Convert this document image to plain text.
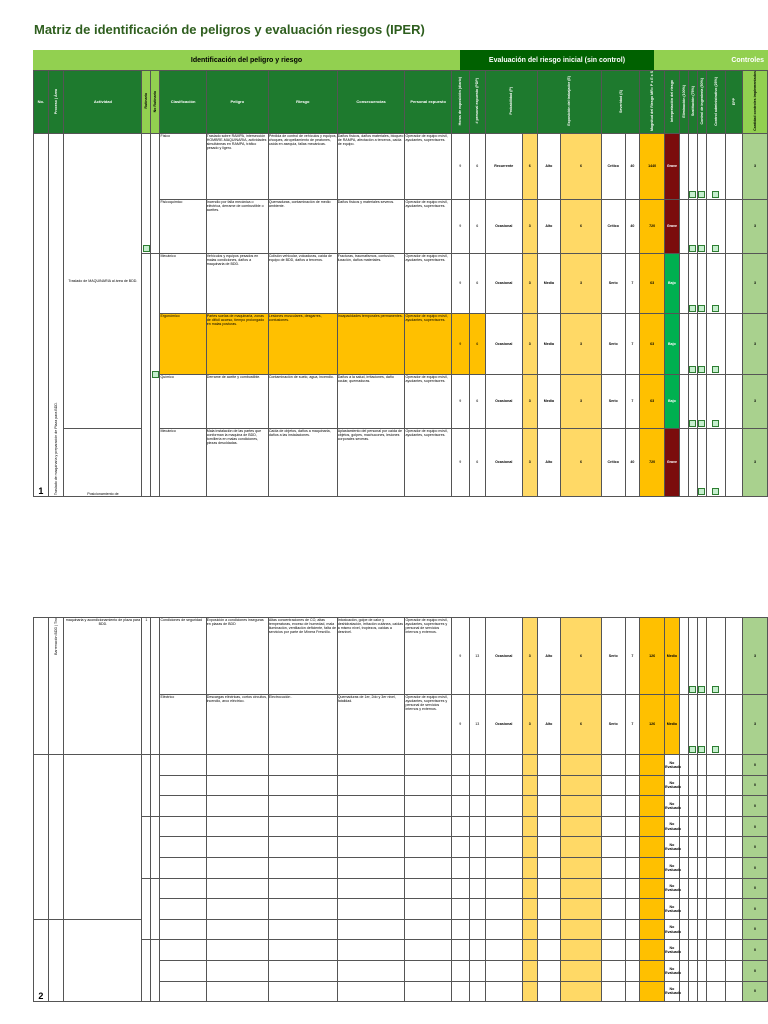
Matriz de identificación de peligros y evaluación riesgos (IPER)
Identificación del peligro y riesgo	Evaluación del riesgo inicial (sin control)	Controles
No.	Proceso | Área	Actividad	Rutinaria	No Rutinaria	Clasificación	Peligro	Riesgo	Consecuencias	Personal expuesto	Horas de exposición (diario)	# personal expuesto (PDP)	Probabilidad (P)		Exposición del trabajador (E)		Severidad (S)		Magnitud del Riesgo MR= P x E x S	Interpretación del riesgo	Eliminación (100%)	Sustitución (75%)	Control de ingeniería (50%)	Control administrativo (25%)	EPP	Cantidad controles implementados
1	Traslado de maquinaria y preparación de Plaza para BDD.	Traslado de MAQUINARIA al área de BDD.			Físico	Traslado sobre RAMPA, intersección HOMBRE-MAQUINARIA, actividades simultáneas en RAMPA, tráfico pesado y ligero.	Pérdida de control de vehículos y equipos, choques, atropellamiento de peatones, caída en asequia, fallas mecánicas.	Daños físicos, daños materiales, bloqueo de RAMPA, afectación a terceros, caída de equipo.	Operador de equipo móvil, ayudantes, supervisores.	9	6	Recurrente	6	Alto	6	Crítico	40	1440	Grave						3
					Fisicoquímico	Incendio por falla mecánica o eléctrica, derrame de combustible o aceites.	Quemaduras, contaminación de medio ambiente.	Daños físicos y materiales severos.	Operador de equipo móvil, ayudantes, supervisores.	9	6	Ocasional	3	Alto	6	Crítico	40	720	Grave						3
					Mecánico	Vehículos y equipos pesados en malas condiciones, daños a maquinaria de BDD.	Colisión vehicular, volcaduras, caída de equipo de BDD, daños a terceros.	Fracturas, traumatismos, contusión, luxación, daños materiales.	Operador de equipo móvil, ayudantes, supervisores.	9	6	Ocasional	3	Media	3	Serio	7	63	Bajo						3
					Ergonómico	Partes suelas de maquinaria, zonas de difícil acceso, tiempo prolongado en malas posturas.	Lesiones musculares, desgarres, contusiones.	Incapacidades temporales permanentes.	Operador de equipo móvil, ayudantes, supervisores.	9	6	Ocasional	3	Media	3	Serio	7	63	Bajo						3
					Químico	Derrame de aceite y combustible.	Contaminación de suelo, agua, incendio.	Daños a la salud, irritaciones, daño ocular, quemaduras.	Operador de equipo móvil, ayudantes, supervisores.	9	6	Ocasional	3	Media	3	Serio	7	63	Bajo						3
		Posicionamiento de			Mecánico	Mala instalación de las partes que conforman la maquina de BDD, tornillería en malas condiciones, piezas desoldadas.	Caída de objetos, daños a maquinaria, daños a las instalaciones.	Aplastamiento del personal por caída de objetos, golpes, machucones, lesiones corporales severas.	Operador de equipo móvil, ayudantes, supervisores.	9	6	Ocasional	3	Alto	6	Crítico	40	720	Grave						3
	Barrenación BDD | Tiro	maquinaria y acondicionamiento de plaza para BDD.	1		Condiciones de seguridad	Exposición a condiciones inseguras en plazas de BDD	Altas concentraciones de CO, altas temperaturas, exceso de humedad, mala iluminación, ventilación deficiente, falta de servicios por parte de Minera Fresnillo.	Intoxicación, golpe de calor y deshidratación, irritación cutánea, caídas a mismo nivel, tropiezos, caídas a desnivel.	Operador de equipo móvil, ayudantes, supervisores y personal de servicios internos y externos.	9	13	Ocasional	3	Alto	6	Serio	7	126	Medio						3
					Eléctrico	Descargas eléctricas, cortos circuitos, incendio, arco eléctrico.	Electrocución .	Quemaduras de 1er, 2do y 3er nivel, fatalidad.	Operador de equipo móvil, ayudantes, supervisores y personal de servicios internos y externos.	9	13	Ocasional	3	Alto	6	Serio	7	126	Medio						3
																			No Evaluado						0
																			No Evaluado						0
																			No Evaluado						0
																			No Evaluado						0
																			No Evaluado						0
																			No Evaluado						0
																			No Evaluado						0
																			No Evaluado						0
2																			No Evaluado						0
																			No Evaluado						0
																			No Evaluado						0
																			No Evaluado						0
